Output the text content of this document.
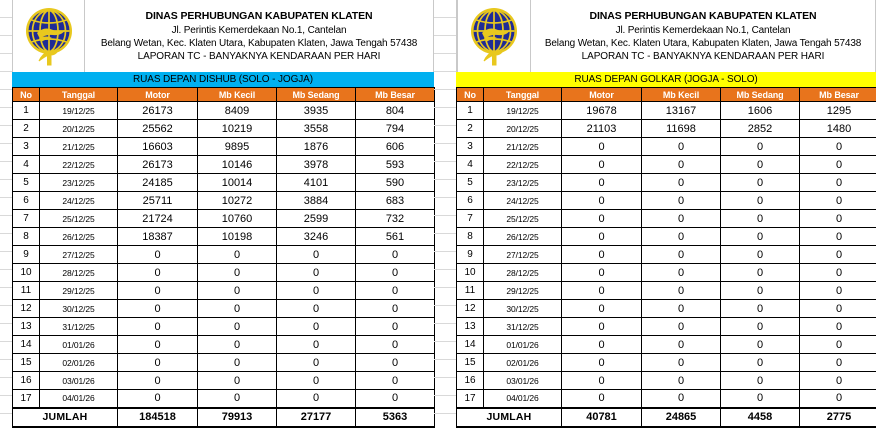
DINAS PERHUBUNGAN KABUPATEN KLATEN
Jl. Perintis Kemerdekaan No.1, Cantelan
Belang Wetan, Kec. Klaten Utara, Kabupaten Klaten, Jawa Tengah 57438
LAPORAN TC - BANYAKNYA KENDARAAN PER HARI
RUAS DEPAN DISHUB (SOLO - JOGJA)
No	Tanggal	Motor	Mb Kecil	Mb Sedang	Mb Besar
1	19/12/25	26173	8409	3935	804
2	20/12/25	25562	10219	3558	794
3	21/12/25	16603	9895	1876	606
4	22/12/25	26173	10146	3978	593
5	23/12/25	24185	10014	4101	590
6	24/12/25	25711	10272	3884	683
7	25/12/25	21724	10760	2599	732
8	26/12/25	18387	10198	3246	561
9	27/12/25	0	0	0	0
10	28/12/25	0	0	0	0
11	29/12/25	0	0	0	0
12	30/12/25	0	0	0	0
13	31/12/25	0	0	0	0
14	01/01/26	0	0	0	0
15	02/01/26	0	0	0	0
16	03/01/26	0	0	0	0
17	04/01/26	0	0	0	0
JUMLAH		184518	79913	27177	5363
DINAS PERHUBUNGAN KABUPATEN KLATEN
Jl. Perintis Kemerdekaan No.1, Cantelan
Belang Wetan, Kec. Klaten Utara, Kabupaten Klaten, Jawa Tengah 57438
LAPORAN TC - BANYAKNYA KENDARAAN PER HARI
RUAS DEPAN GOLKAR (JOGJA - SOLO)
No	Tanggal	Motor	Mb Kecil	Mb Sedang	Mb Besar
1	19/12/25	19678	13167	1606	1295
2	20/12/25	21103	11698	2852	1480
3	21/12/25	0	0	0	0
4	22/12/25	0	0	0	0
5	23/12/25	0	0	0	0
6	24/12/25	0	0	0	0
7	25/12/25	0	0	0	0
8	26/12/25	0	0	0	0
9	27/12/25	0	0	0	0
10	28/12/25	0	0	0	0
11	29/12/25	0	0	0	0
12	30/12/25	0	0	0	0
13	31/12/25	0	0	0	0
14	01/01/26	0	0	0	0
15	02/01/26	0	0	0	0
16	03/01/26	0	0	0	0
17	04/01/26	0	0	0	0
JUMLAH		40781	24865	4458	2775
